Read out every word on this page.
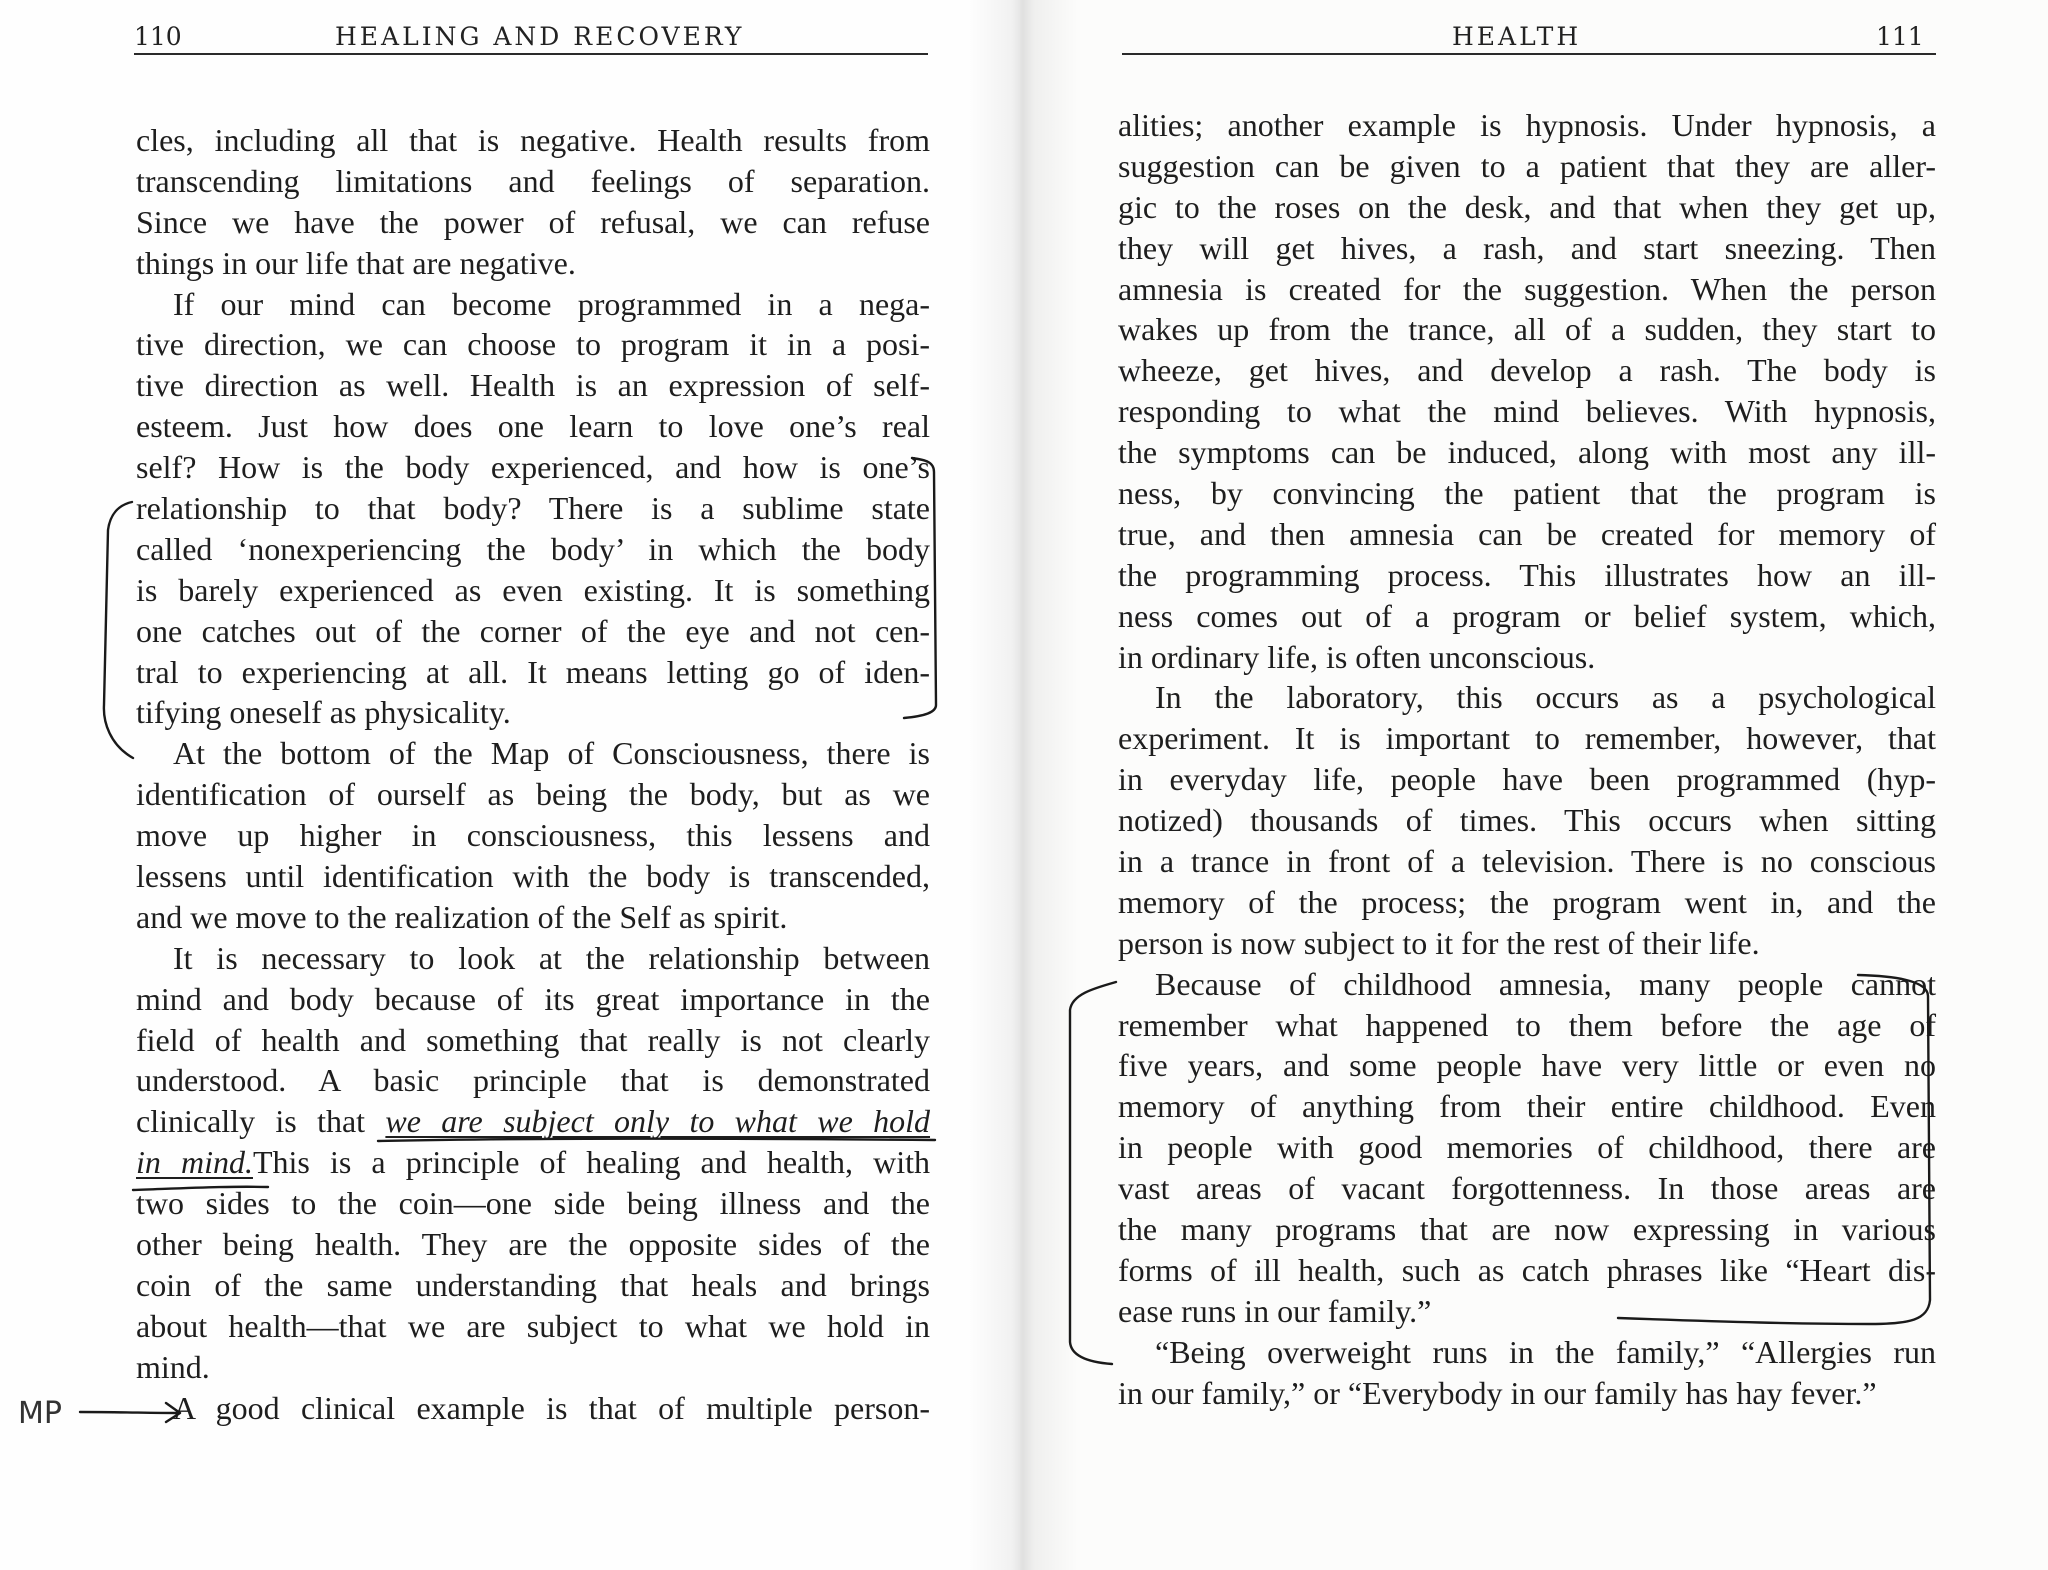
110	HEALING AND RECOVERY
cles, including all that is negative. Health results from
transcending limitations and feelings of separation.
Since we have the power of refusal, we can refuse
things in our life that are negative.
If our mind can become programmed in a nega-
tive direction, we can choose to program it in a posi-
tive direction as well. Health is an expression of self-
esteem. Just how does one learn to love one’s real
self? How is the body experienced, and how is one’s
relationship to that body? There is a sublime state
called ‘nonexperiencing the body’ in which the body
is barely experienced as even existing. It is something
one catches out of the corner of the eye and not cen-
tral to experiencing at all. It means letting go of iden-
tifying oneself as physicality.
At the bottom of the Map of Consciousness, there is
identification of ourself as being the body, but as we
move up higher in consciousness, this lessens and
lessens until identification with the body is transcended,
and we move to the realization of the Self as spirit.
It is necessary to look at the relationship between
mind and body because of its great importance in the
field of health and something that really is not clearly
understood. A basic principle that is demonstrated
clinically is that we are subject only to what we hold
in mind.This is a principle of healing and health, with
two sides to the coin—one side being illness and the
other being health. They are the opposite sides of the
coin of the same understanding that heals and brings
about health—that we are subject to what we hold in
mind.
A good clinical example is that of multiple person-
MP
HEALTH	111
alities; another example is hypnosis. Under hypnosis, a
suggestion can be given to a patient that they are aller-
gic to the roses on the desk, and that when they get up,
they will get hives, a rash, and start sneezing. Then
amnesia is created for the suggestion. When the person
wakes up from the trance, all of a sudden, they start to
wheeze, get hives, and develop a rash. The body is
responding to what the mind believes. With hypnosis,
the symptoms can be induced, along with most any ill-
ness, by convincing the patient that the program is
true, and then amnesia can be created for memory of
the programming process. This illustrates how an ill-
ness comes out of a program or belief system, which,
in ordinary life, is often unconscious.
In the laboratory, this occurs as a psychological
experiment. It is important to remember, however, that
in everyday life, people have been programmed (hyp-
notized) thousands of times. This occurs when sitting
in a trance in front of a television. There is no conscious
memory of the process; the program went in, and the
person is now subject to it for the rest of their life.
Because of childhood amnesia, many people cannot
remember what happened to them before the age of
five years, and some people have very little or even no
memory of anything from their entire childhood. Even
in people with good memories of childhood, there are
vast areas of vacant forgottenness. In those areas are
the many programs that are now expressing in various
forms of ill health, such as catch phrases like “Heart dis-
ease runs in our family.”
“Being overweight runs in the family,” “Allergies run
in our family,” or “Everybody in our family has hay fever.”
